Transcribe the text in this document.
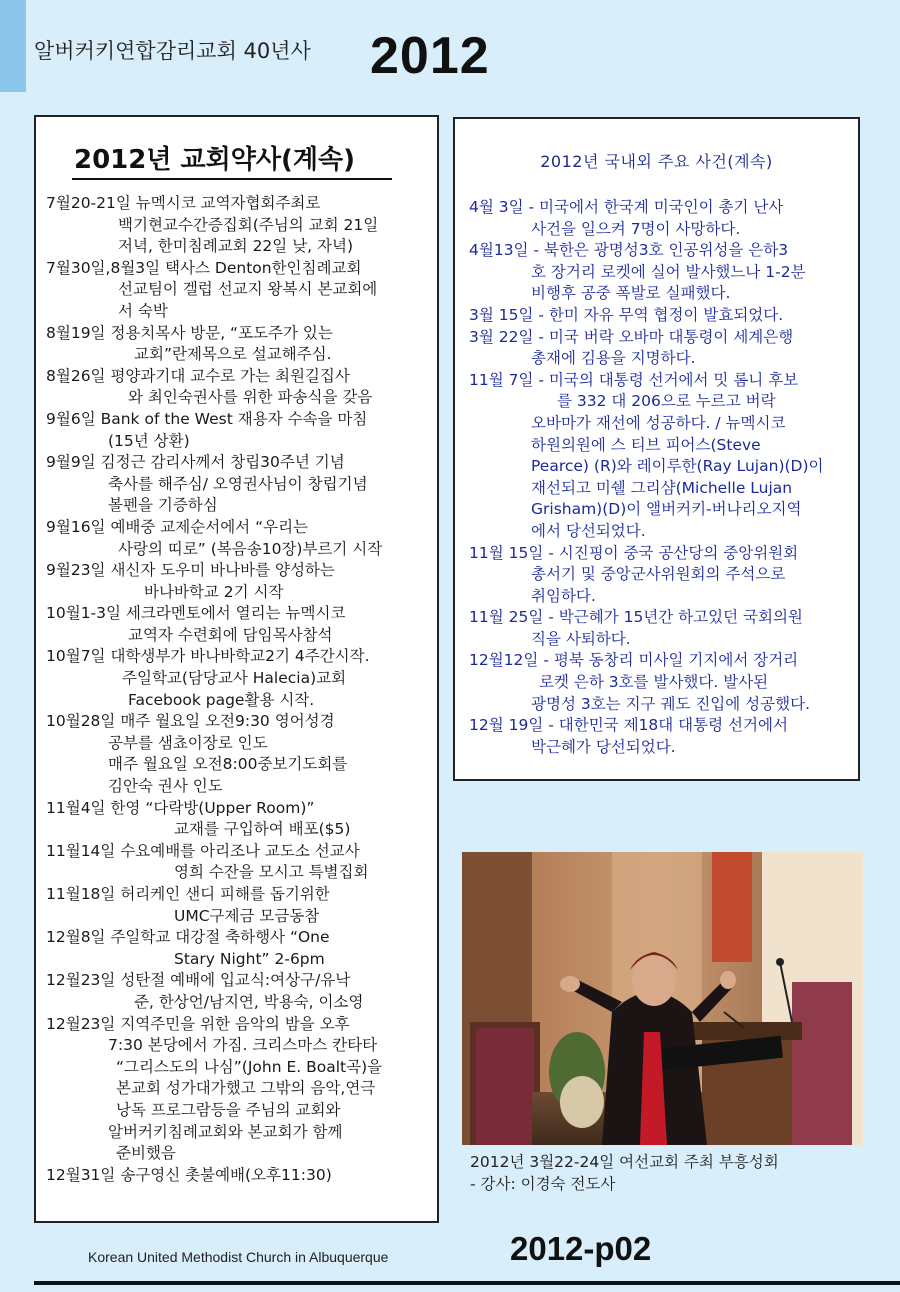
알버커키연합감리교회 40년사 2012
2012년 교회약사(계속)
7월20-21일 뉴멕시코 교역자협회주최로
백기현교수간증집회(주님의 교회 21일
저녁, 한미침례교회 22일 낮, 자녁)
7월30일,8월3일 택사스 Denton한인침례교회
선교팀이 겔럽 선교지 왕복시 본교회에
서 숙박
8월19일 정용치목사 방문, “포도주가 있는
교회”란제목으로 설교해주심.
8월26일 평양과기대 교수로 가는 최원길집사
와 최인숙권사를 위한 파송식을 갖음
9월6일 Bank of the West 재용자 수속을 마침
(15년 상환)
9월9일 김정근 감리사께서 창립30주년 기념
축사를 해주심/ 오영권사님이 창립기념
볼펜을 기증하심
9월16일 예배중 교제순서에서 “우리는
사랑의 띠로” (복음송10장)부르기 시작
9월23일 새신자 도우미 바나바를 양성하는
바나바학교 2기 시작
10월1-3일 세크라멘토에서 열리는 뉴멕시코
교역자 수련회에 담임목사참석
10월7일 대학생부가 바나바학교2기 4주간시작.
주일학교(담당교사 Halecia)교회
Facebook page활용 시작.
10월28일 매주 월요일 오전9:30 영어성경
공부를 샘쵸이장로 인도
매주 월요일 오전8:00중보기도회를
김안숙 권사 인도
11월4일 한영 “다락방(Upper Room)”
교재를 구입하여 배포($5)
11월14일 수요예배를 아리조나 교도소 선교사
영희 수잔을 모시고 특별집회
11월18일 허리케인 샌디 피해를 돕기위한
UMC구제금 모금동참
12월8일 주일학교 대강절 축하행사 “One
Stary Night” 2-6pm
12월23일 성탄절 예배에 입교식:여상구/유낙
준, 한상언/남지연, 박용숙, 이소영
12월23일 지역주민을 위한 음악의 밤을 오후
7:30 본당에서 가짐. 크리스마스 칸타타
“그리스도의 나심”(John E. Boalt곡)을
본교회 성가대가했고 그밖의 음악,연극
낭독 프로그람등을 주님의 교회와
알버커키침례교회와 본교회가 함께
준비했음
12월31일 송구영신 촛불예배(오후11:30)
2012년 국내외 주요 사건(계속)
4월 3일 - 미국에서 한국계 미국인이 총기 난사
사건을 일으켜 7명이 사망하다.
4월13일 - 북한은 광명성3호 인공위성을 은하3
호 장거리 로켓에 실어 발사했느나 1-2분
비행후 공중 폭발로 실패했다.
3월 15일 - 한미 자유 무역 협정이 발효되었다.
3월 22일 - 미국 버락 오바마 대통령이 세계은행
총재에 김용을 지명하다.
11월 7일 - 미국의 대통령 선거에서 밋 롬니 후보
를 332 대 206으로 누르고 버락
오바마가 재선에 성공하다. / 뉴멕시코
하원의원에 스 티브 피어스(Steve
Pearce) (R)와 레이루한(Ray Lujan)(D)이
재선되고 미쉘 그리샴(Michelle Lujan
Grisham)(D)이 앨버커키-버나리오지역
에서 당선되었다.
11월 15일 - 시진핑이 중국 공산당의 중앙위원회
총서기 및 중앙군사위원회의 주석으로
취임하다.
11월 25일 - 박근혜가 15년간 하고있던 국회의원
직을 사퇴하다.
12월12일 - 평북 동창리 미사일 기지에서 장거리
로켓 은하 3호를 발사했다. 발사된
광명성 3호는 지구 궤도 진입에 성공했다.
12월 19일 - 대한민국 제18대 대통령 선거에서
박근혜가 당선되었다.
2012년 3월22-24일 여선교회 주최 부흥성회
- 강사: 이경숙 전도사
Korean United Methodist Church in Albuquerque	2012-p02
